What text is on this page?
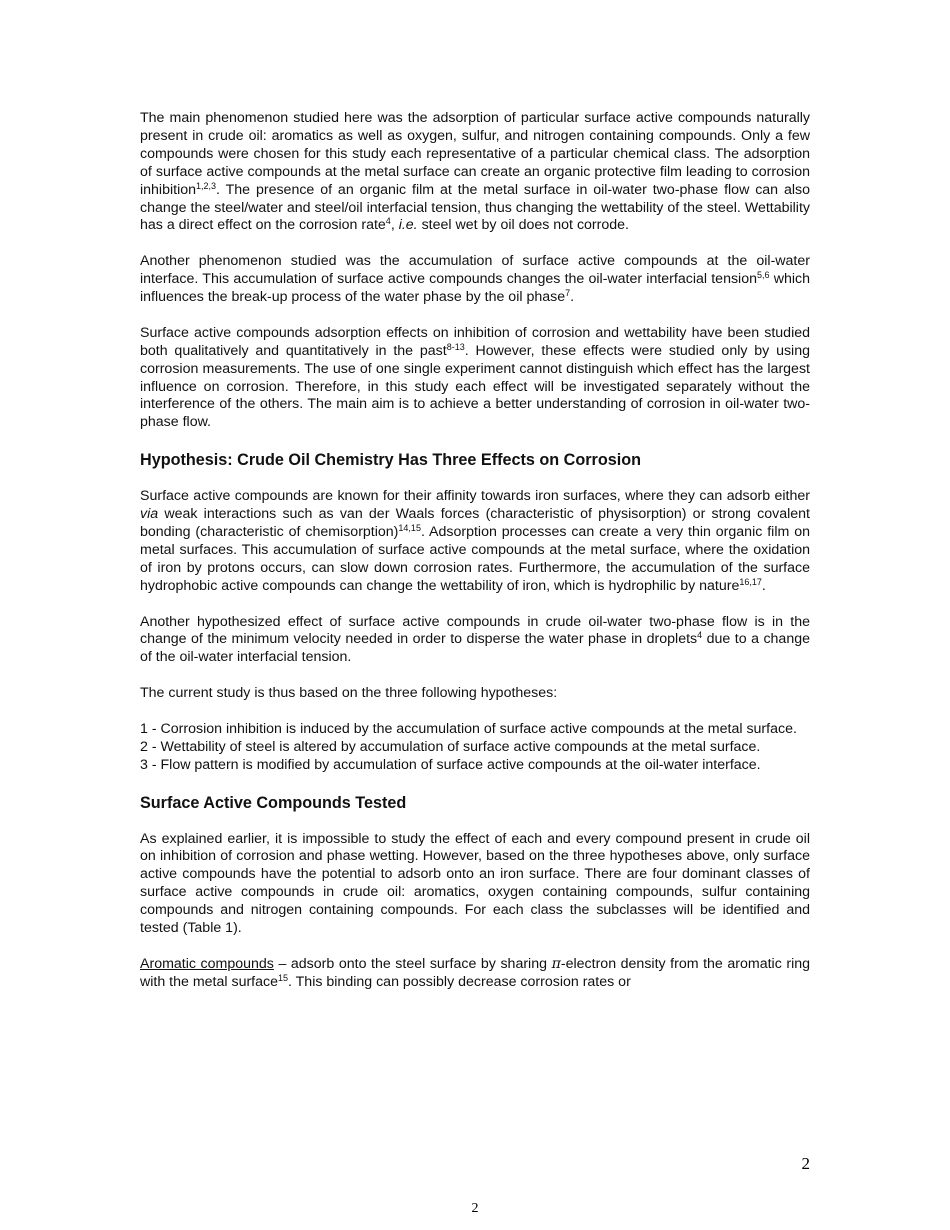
The main phenomenon studied here was the adsorption of particular surface active compounds naturally present in crude oil: aromatics as well as oxygen, sulfur, and nitrogen containing compounds. Only a few compounds were chosen for this study each representative of a particular chemical class. The adsorption of surface active compounds at the metal surface can create an organic protective film leading to corrosion inhibition$^{1,2,3}$. The presence of an organic film at the metal surface in oil-water two-phase flow can also change the steel/water and steel/oil interfacial tension, thus changing the wettability of the steel. Wettability has a direct effect on the corrosion rate$^4$, i.e. steel wet by oil does not corrode.

Another phenomenon studied was the accumulation of surface active compounds at the oil-water interface. This accumulation of surface active compounds changes the oil-water interfacial tension$^{5,6}$ which influences the break-up process of the water phase by the oil phase$^7$.

Surface active compounds adsorption effects on inhibition of corrosion and wettability have been studied both qualitatively and quantitatively in the past$^{8-13}$. However, these effects were studied only by using corrosion measurements. The use of one single experiment cannot distinguish which effect has the largest influence on corrosion. Therefore, in this study each effect will be investigated separately without the interference of the others. The main aim is to achieve a better understanding of corrosion in oil-water two-phase flow.

Hypothesis: Crude Oil Chemistry Has Three Effects on Corrosion

Surface active compounds are known for their affinity towards iron surfaces, where they can adsorb either via weak interactions such as van der Waals forces (characteristic of physisorption) or strong covalent bonding (characteristic of chemisorption)$^{14,15}$. Adsorption processes can create a very thin organic film on metal surfaces. This accumulation of surface active compounds at the metal surface, where the oxidation of iron by protons occurs, can slow down corrosion rates. Furthermore, the accumulation of the surface hydrophobic active compounds can change the wettability of iron, which is hydrophilic by nature$^{16,17}$.

Another hypothesized effect of surface active compounds in crude oil-water two-phase flow is in the change of the minimum velocity needed in order to disperse the water phase in droplets$^4$ due to a change of the oil-water interfacial tension.

The current study is thus based on the three following hypotheses:

1 - Corrosion inhibition is induced by the accumulation of surface active compounds at the metal surface.

2 - Wettability of steel is altered by accumulation of surface active compounds at the metal surface.

3 - Flow pattern is modified by accumulation of surface active compounds at the oil-water interface.

Surface Active Compounds Tested

As explained earlier, it is impossible to study the effect of each and every compound present in crude oil on inhibition of corrosion and phase wetting. However, based on the three hypotheses above, only surface active compounds have the potential to adsorb onto an iron surface. There are four dominant classes of surface active compounds in crude oil: aromatics, oxygen containing compounds, sulfur containing compounds and nitrogen containing compounds. For each class the subclasses will be identified and tested (Table 1).

Aromatic compounds – adsorb onto the steel surface by sharing π-electron density from the aromatic ring with the metal surface$^{15}$. This binding can possibly decrease corrosion rates or

2
2
